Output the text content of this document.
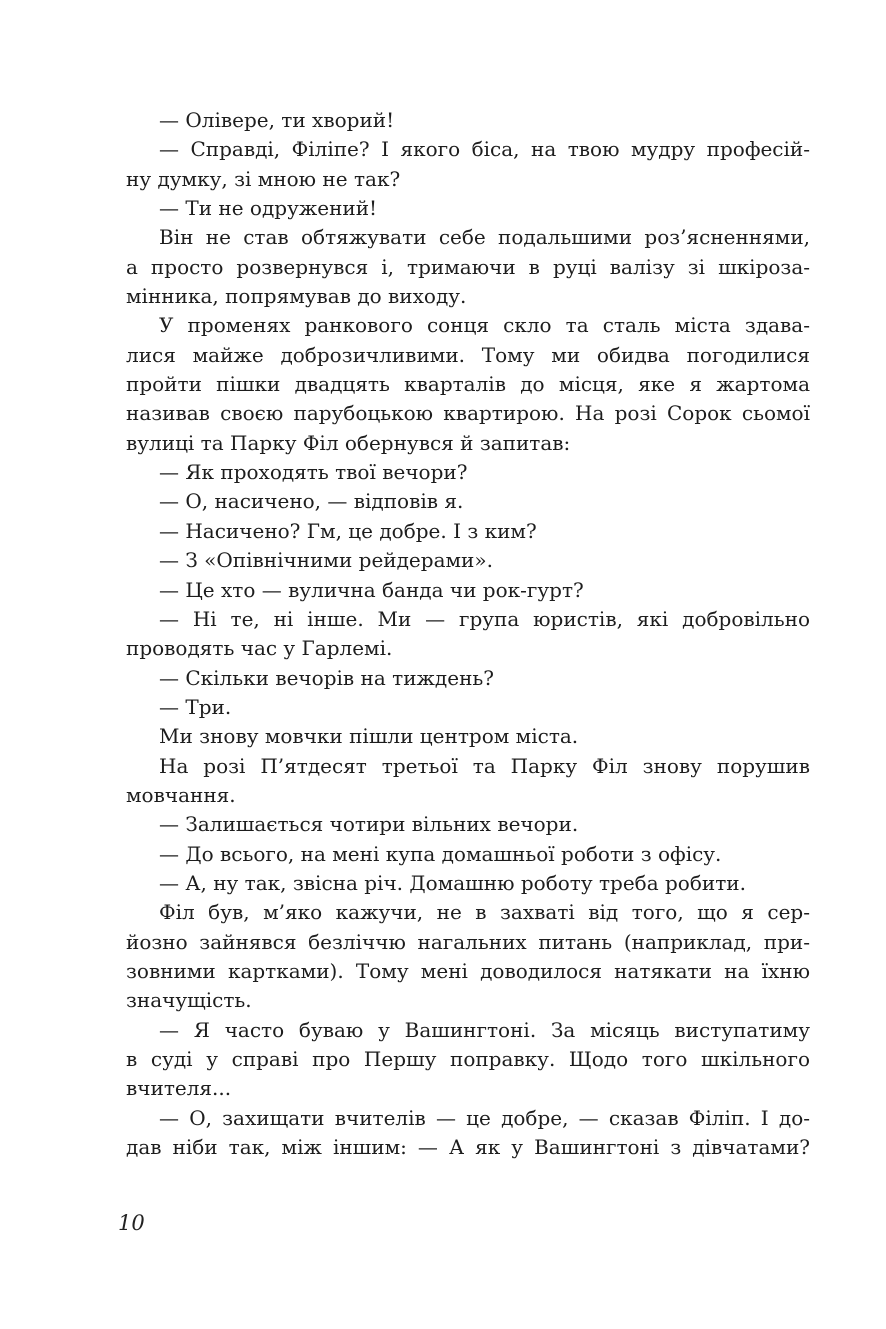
— Олівере, ти хворий!
— Справді, Філіпе? І якого біса, на твою мудру професій-
ну думку, зі мною не так?
— Ти не одружений!
Він не став обтяжувати себе подальшими роз’ясненнями,
а просто розвернувся і, тримаючи в руці валізу зі шкіроза-
мінника, попрямував до виходу.
У променях ранкового сонця скло та сталь міста здава-
лися майже доброзичливими. Тому ми обидва погодилися
пройти пішки двадцять кварталів до місця, яке я жартома
називав своєю парубоцькою квартирою. На розі Сорок сьомої
вулиці та Парку Філ обернувся й запитав:
— Як проходять твої вечори?
— О, насичено, — відповів я.
— Насичено? Гм, це добре. І з ким?
— З «Опівнічними рейдерами».
— Це хто — вулична банда чи рок-гурт?
— Ні те, ні інше. Ми — група юристів, які добровільно
проводять час у Гарлемі.
— Скільки вечорів на тиждень?
— Три.
Ми знову мовчки пішли центром міста.
На розі П’ятдесят третьої та Парку Філ знову порушив
мовчання.
— Залишається чотири вільних вечори.
— До всього, на мені купа домашньої роботи з офісу.
— А, ну так, звісна річ. Домашню роботу треба робити.
Філ був, м’яко кажучи, не в захваті від того, що я сер-
йозно зайнявся безліччю нагальних питань (наприклад, при-
зовними картками). Тому мені доводилося натякати на їхню
значущість.
— Я часто буваю у Вашингтоні. За місяць виступатиму
в суді у справі про Першу поправку. Щодо того шкільного
вчителя...
— О, захищати вчителів — це добре, — сказав Філіп. І до-
дав ніби так, між іншим: — А як у Вашингтоні з дівчатами?
10
